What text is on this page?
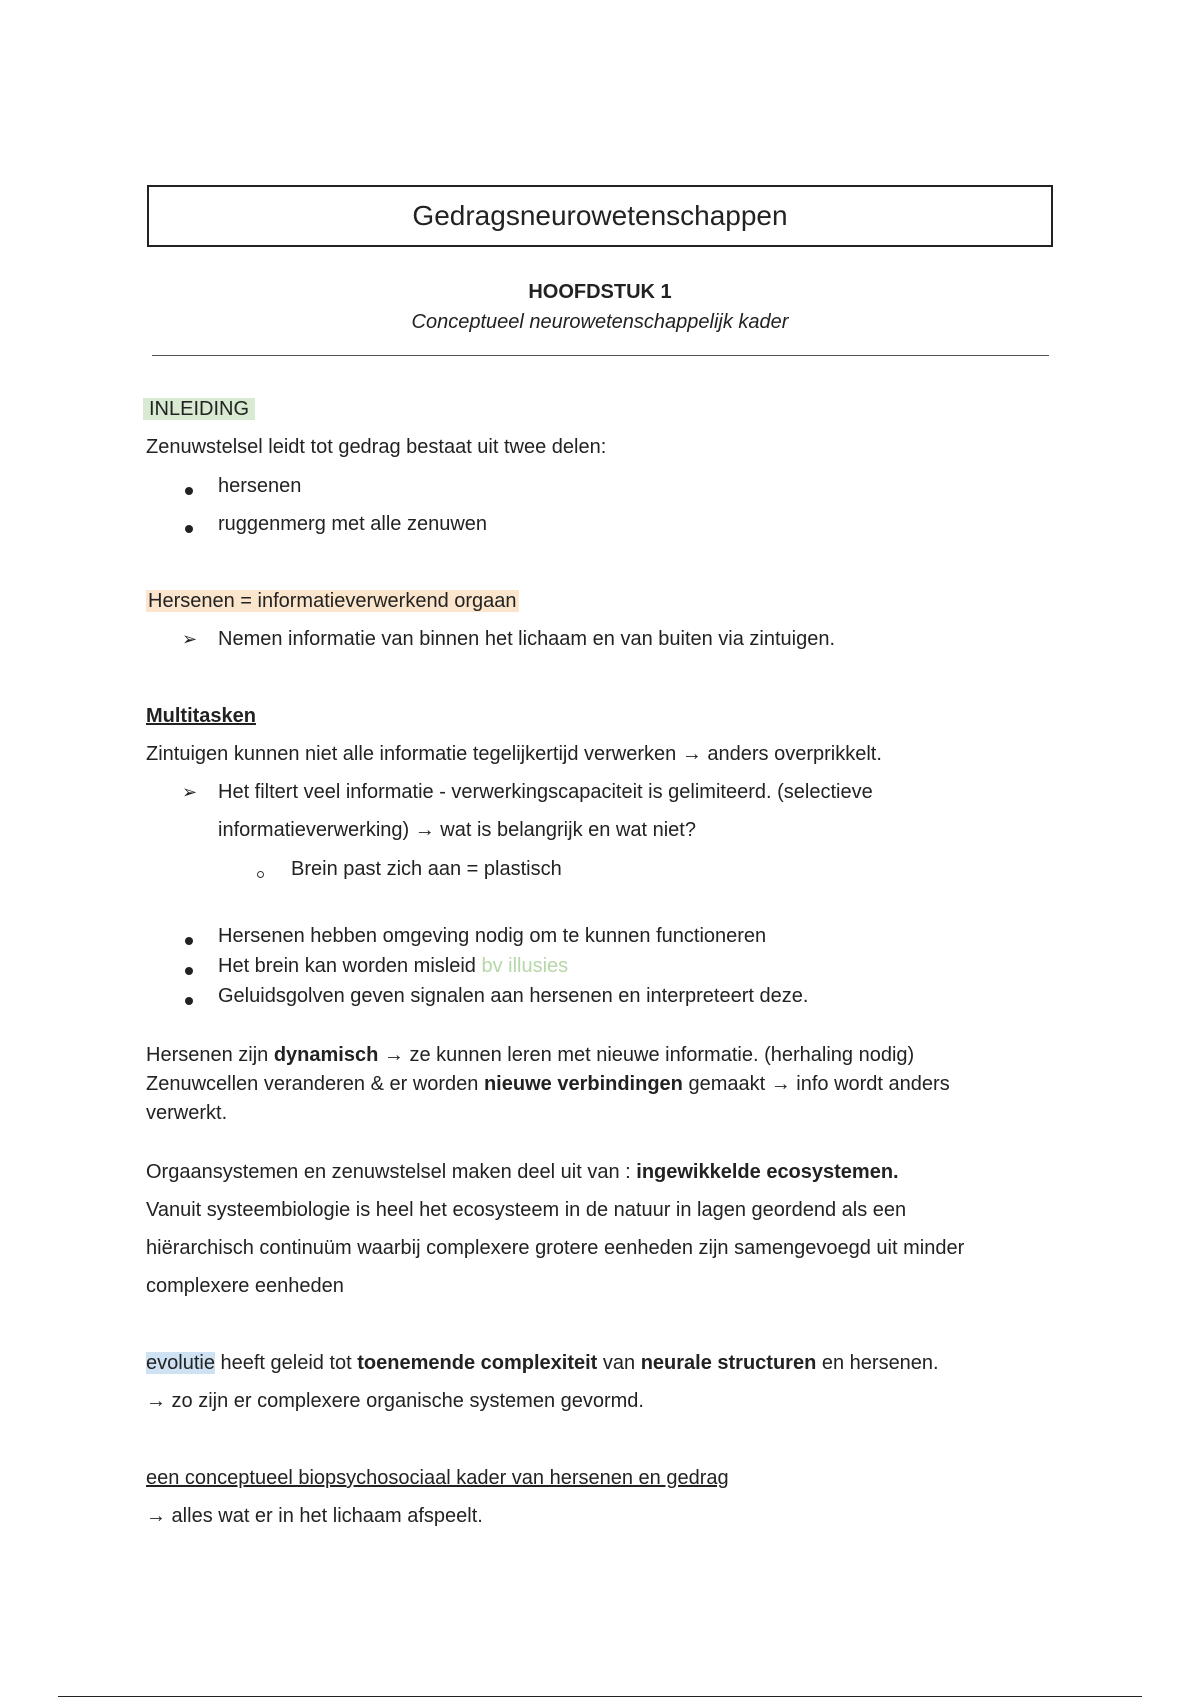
Gedragsneurowetenschappen
HOOFDSTUK 1
Conceptueel neurowetenschappelijk kader
INLEIDING
Zenuwstelsel leidt tot gedrag bestaat uit twee delen:
hersenen
ruggenmerg met alle zenuwen
Hersenen = informatieverwerkend orgaan
➢ Nemen informatie van binnen het lichaam en van buiten via zintuigen.
Multitasken
Zintuigen kunnen niet alle informatie tegelijkertijd verwerken → anders overprikkelt.
➢ Het filtert veel informatie - verwerkingscapaciteit is gelimiteerd. (selectieve
informatieverwerking) → wat is belangrijk en wat niet?
Brein past zich aan = plastisch
Hersenen hebben omgeving nodig om te kunnen functioneren
Het brein kan worden misleid bv illusies
Geluidsgolven geven signalen aan hersenen en interpreteert deze.
Hersenen zijn dynamisch → ze kunnen leren met nieuwe informatie. (herhaling nodig)
Zenuwcellen veranderen & er worden nieuwe verbindingen gemaakt → info wordt anders
verwerkt.
Orgaansystemen en zenuwstelsel maken deel uit van : ingewikkelde ecosystemen.
Vanuit systeembiologie is heel het ecosysteem in de natuur in lagen geordend als een
hiërarchisch continuüm waarbij complexere grotere eenheden zijn samengevoegd uit minder
complexere eenheden
evolutie heeft geleid tot toenemende complexiteit van neurale structuren en hersenen.
→ zo zijn er complexere organische systemen gevormd.
een conceptueel biopsychosociaal kader van hersenen en gedrag
→ alles wat er in het lichaam afspeelt.
